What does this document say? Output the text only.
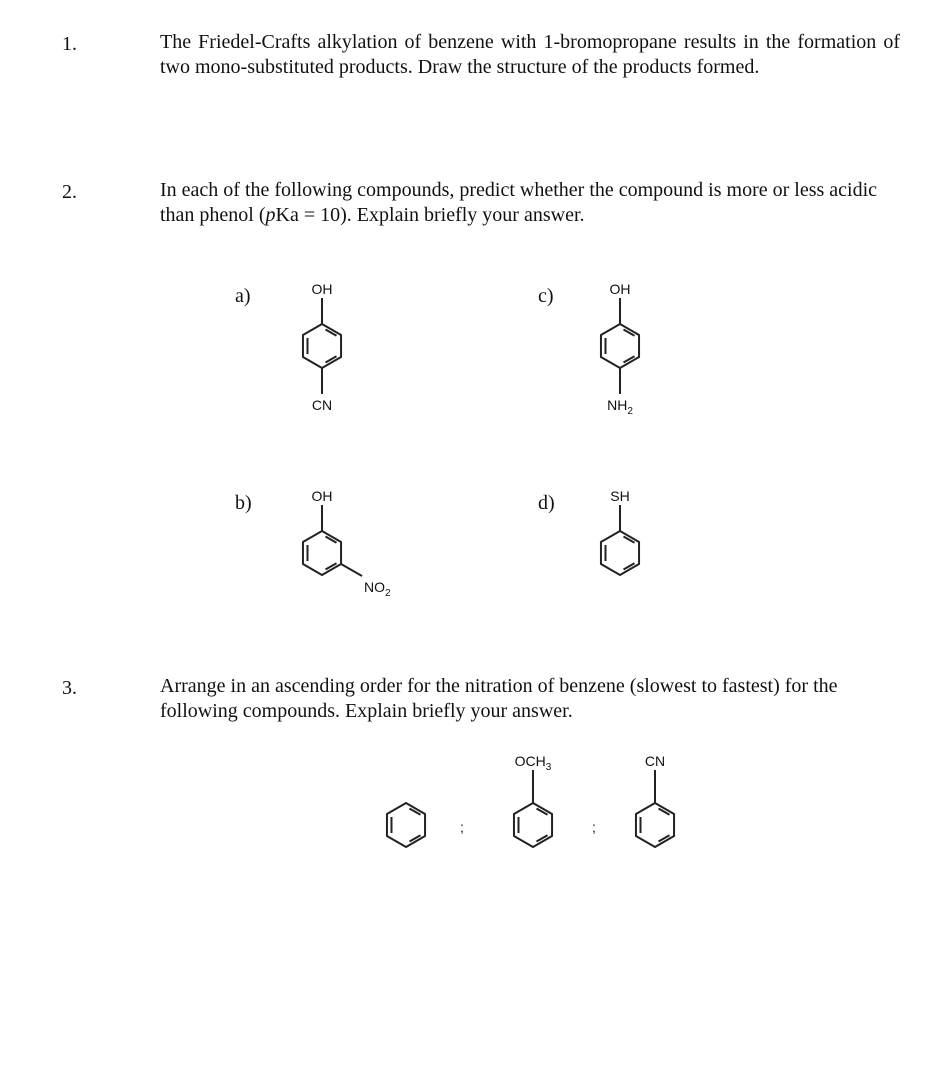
1.	The Friedel-Crafts alkylation of benzene with 1-bromopropane results in the formation of two mono-substituted products. Draw the structure of the products formed.
2.	In each of the following compounds, predict whether the compound is more or less acidic than phenol (pKa = 10). Explain briefly your answer.
a)
b)
c)
d)
3.	Arrange in an ascending order for the nitration of benzene (slowest to fastest) for the following compounds. Explain briefly your answer.
OH
CN
OH
$NH_2$
OH
$NO_2$
SH
;
$OCH_3$
;
CN
